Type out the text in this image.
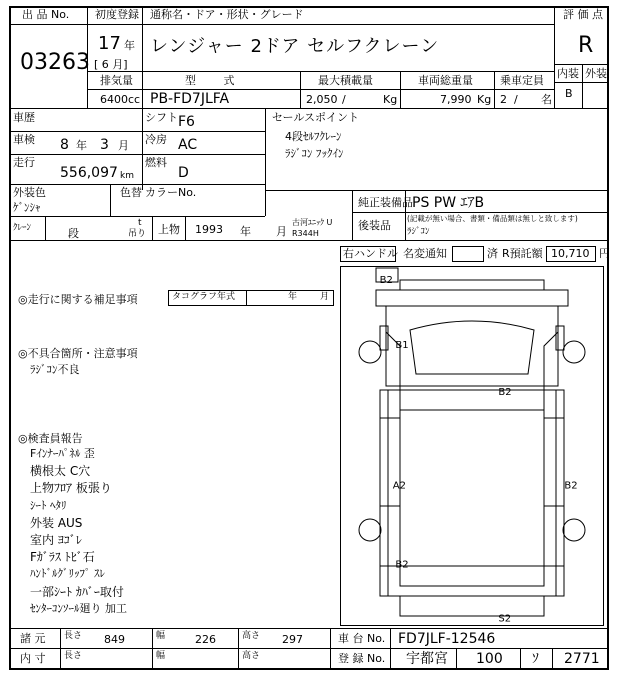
出 品 No.
03263
初度登録 通称名・ドア・形状・グレード
17 年
[ 6 月]
レンジャー 2ドア セルフクレーン
評 価 点
R
内装 外装
B
排気量	型 式	最大積載量	車両総重量 乗車定員
6400 cc PB-FD7JLFA	2,050 /	Kg	7,990 Kg 2 / 名
車歴	シフト F6
車検 8 年 3 月 冷房 AC
走行
556,097 km
燃料
D
セールスポイント
4段ｾﾙﾌｸﾚｰﾝ
ﾗｼﾞｺﾝ ﾌｯｸｲﾝ
外装色
ｹﾞﾝｼｬ
色替 カラーNo.
純正装備品 PS PW ｴｱB
後装品
(記載が無い場合、書類・備品類は無しと致します)
ﾗｼﾞｺﾝ
ｸﾚｰﾝ	段
t
吊り 上物 1993 年 月
古河ﾕﾆｯｸ U
R344H
右ハンドル 名変通知	済 R預託額 10,710 円
◎走行に関する補足事項	タコグラフ年式	年	月
◎不具合箇所・注意事項
ﾗｼﾞｺﾝ不良
◎検査員報告
Fｲﾝﾅｰﾊﾟﾈﾙ 歪
横根太 C穴
上物ﾌﾛｱ 板張り
ｼｰﾄ ﾍﾀﾘ
外装 AUS
室内 ﾖｺﾞﾚ
Fｶﾞﾗｽ ﾄﾋﾞ石
ﾊﾝﾄﾞﾙｸﾞﾘｯﾌﾟ ｽﾚ
一部ｼｰﾄ ｶﾊﾞｰ取付
ｾﾝﾀｰｺﾝｿｰﾙ廻り 加工
B2
B1
B2
A2	B2
B2
S2
諸 元 長さ 849	幅	226	高さ 297	車 台 No. FD7JLF-12546
内 寸 長さ	幅	高さ	登 録 No. 宇都宮 100 ｿ 2771
